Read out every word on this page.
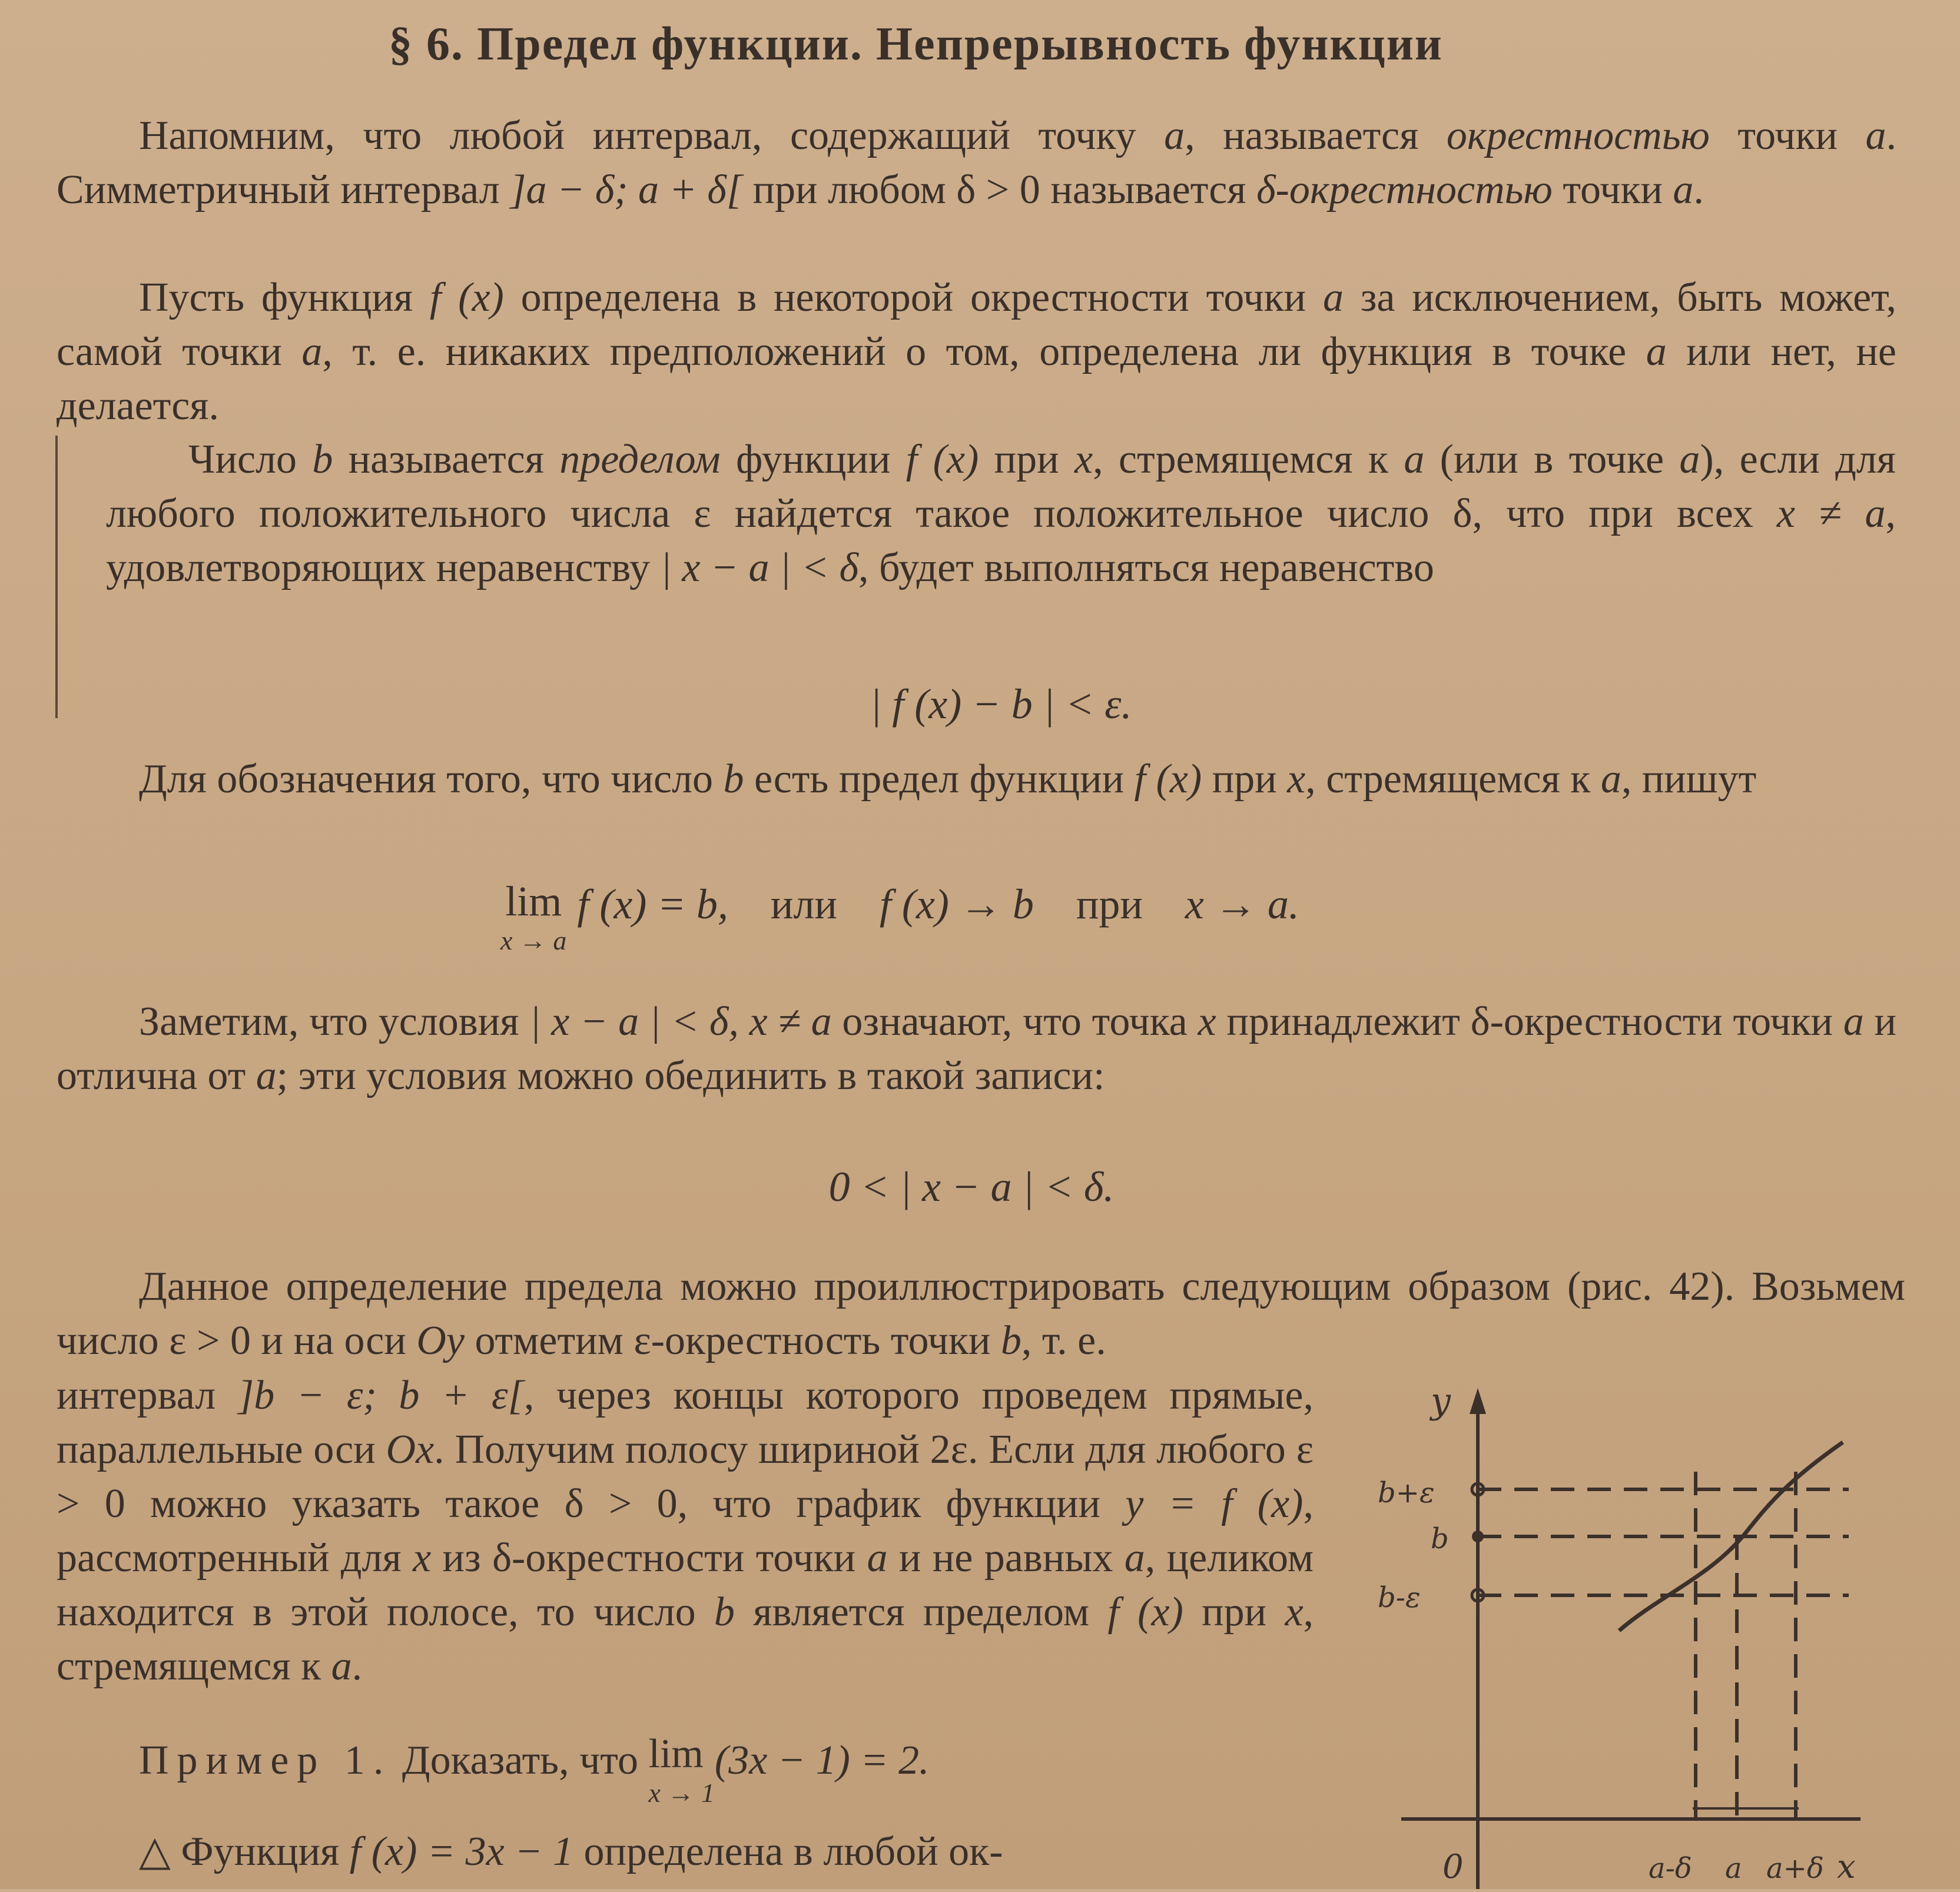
§ 6. Предел функции. Непрерывность функции

Напомним, что любой интервал, содержащий точку a, называется окрестностью точки a. Симметричный интервал ]a − δ; a + δ[ при любом δ > 0 называется δ-окрестностью точки a.

Пусть функция f (x) определена в некоторой окрестности точки a за исключением, быть может, самой точки a, т. е. никаких предположений о том, определена ли функция в точке a или нет, не делается.

Число b называется пределом функции f (x) при x, стремящемся к a (или в точке a), если для любого положительного числа ε найдется такое положительное число δ, что при всех x ≠ a, удовлетворяющих неравенству | x − a | < δ, будет выполняться неравенство

| f (x) − b | < ε.

Для обозначения того, что число b есть предел функции f (x) при x, стремящемся к a, пишут

lim
x → a
f (x) = b, или f (x) → b при x → a.

Заметим, что условия | x − a | < δ, x ≠ a означают, что точка x принадлежит δ-окрестности точки a и отлична от a; эти условия можно обединить в такой записи:

0 < | x − a | < δ.

Данное определение предела можно проиллюстрировать следующим образом (рис. 42). Возьмем число ε > 0 и на оси Oy отметим ε-окрестность точки b, т. е.

интервал ]b − ε; b + ε[, через концы которого проведем прямые, параллельные оси Ox. Получим полосу шириной 2ε. Если для любого ε > 0 можно указать такое δ > 0, что график функции y = f (x), рассмотренный для x из δ-окрестности точки a и не равных a, целиком находится в этой полосе, то число b является пределом f (x) при x, стремящемся к a.

Пример 1. Доказать, что lim
x → 1
(3x − 1) = 2.
△ Функция f (x) = 3x − 1 определена в любой ок-
y
b+ε
b
b-ε
0	a-δ a a+δ x
